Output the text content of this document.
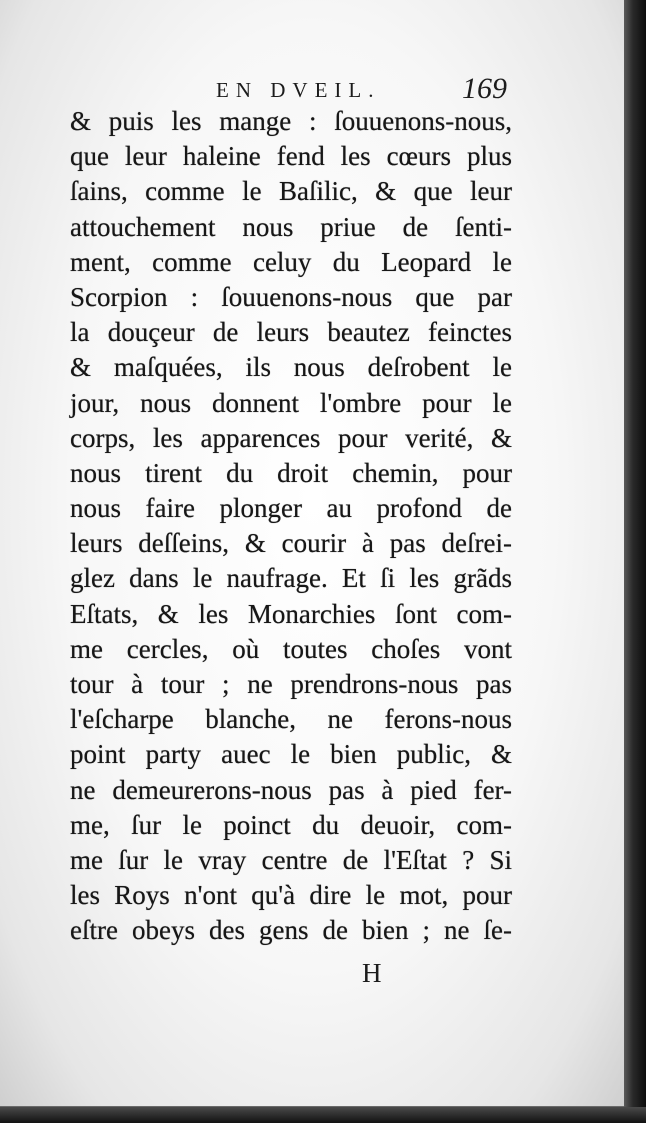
EN DVEIL.	169
& puis les mange : ſouuenons-nous,
que leur haleine fend les cœurs plus
ſains, comme le Baſilic, & que leur
attouchement nous priue de ſenti-
ment, comme celuy du Leopard le
Scorpion : ſouuenons-nous que par
la douçeur de leurs beautez feinctes
& maſquées, ils nous deſrobent le
jour, nous donnent l'ombre pour le
corps, les apparences pour verité, &
nous tirent du droit chemin, pour
nous faire plonger au profond de
leurs deſſeins, & courir à pas deſrei-
glez dans le naufrage. Et ſi les grãds
Eſtats, & les Monarchies ſont com-
me cercles, où toutes choſes vont
tour à tour ; ne prendrons-nous pas
l'eſcharpe blanche, ne ferons-nous
point party auec le bien public, &
ne demeurerons-nous pas à pied fer-
me, ſur le poinct du deuoir, com-
me ſur le vray centre de l'Eſtat ? Si
les Roys n'ont qu'à dire le mot, pour
eſtre obeys des gens de bien ; ne ſe-
H
